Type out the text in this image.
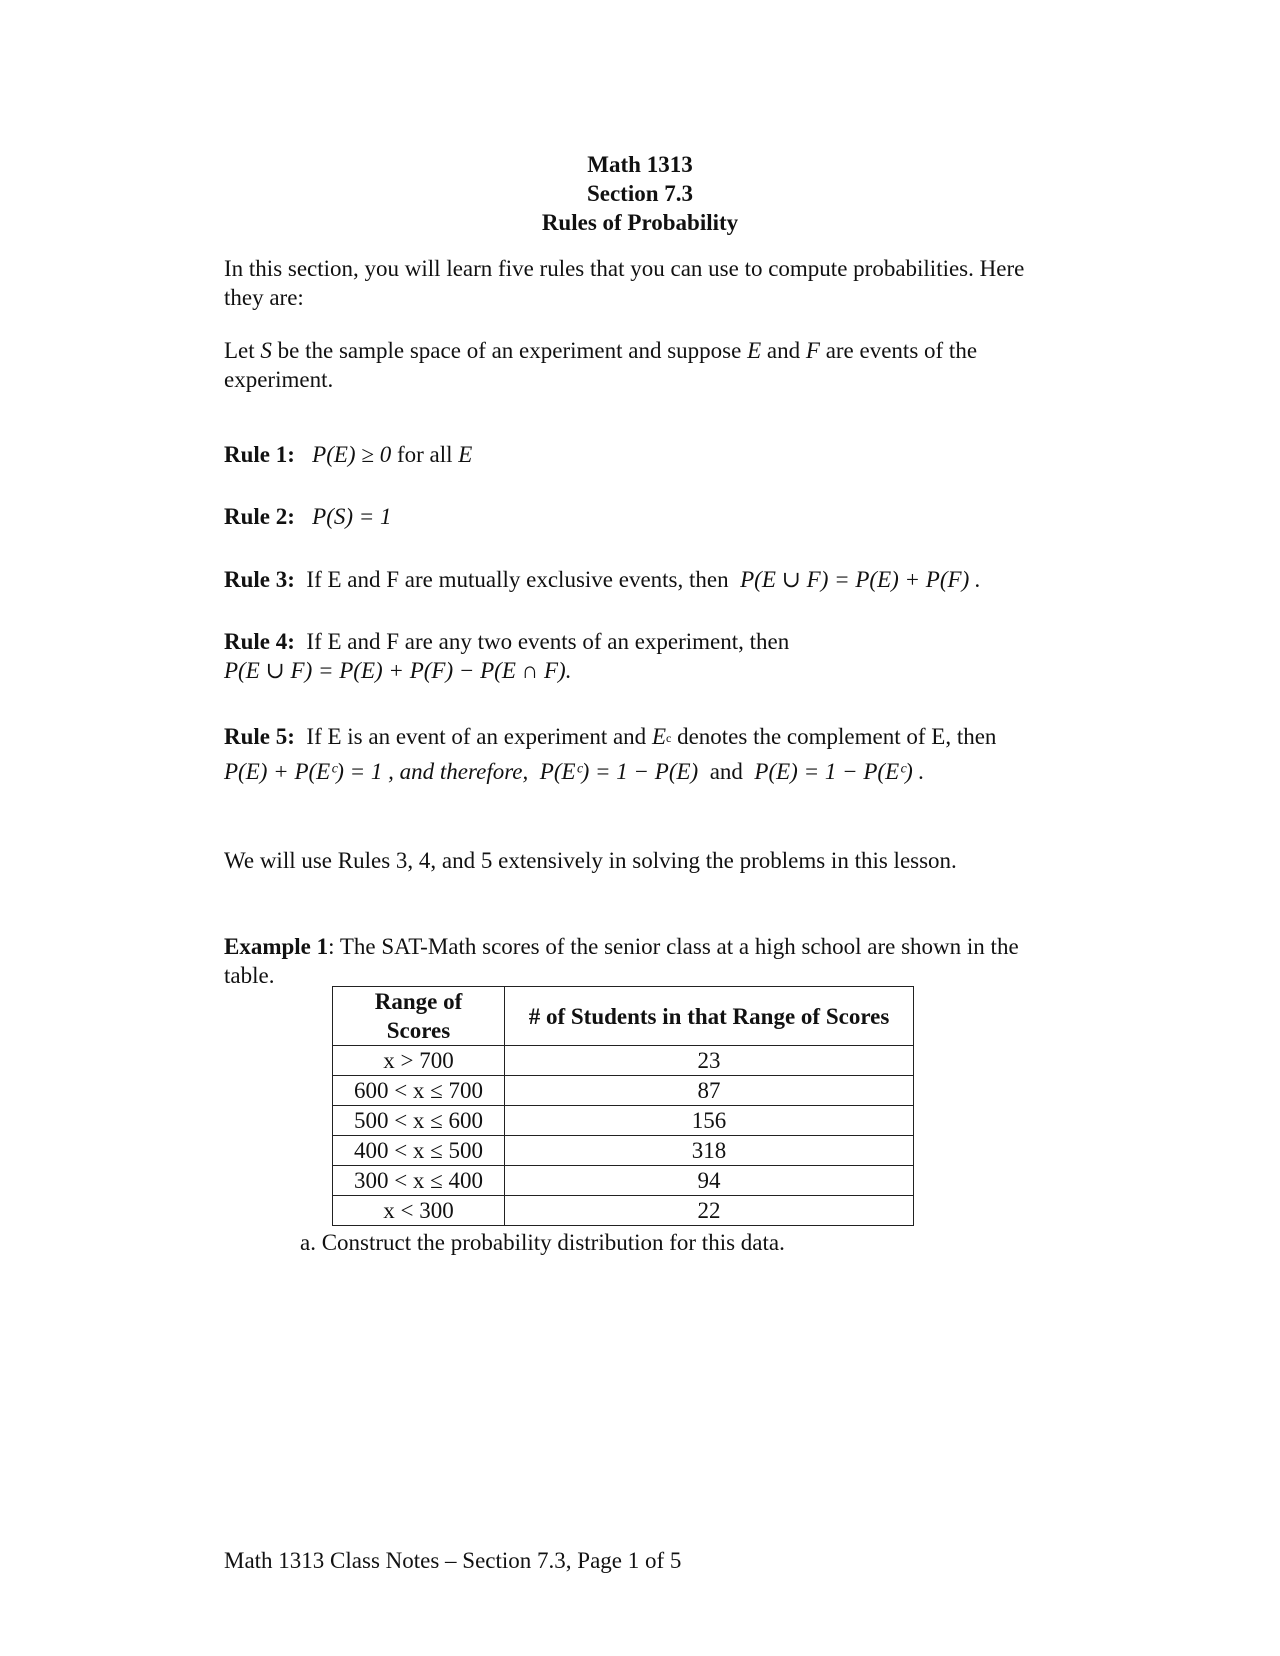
Math 1313
Section 7.3
Rules of Probability
In this section, you will learn five rules that you can use to compute probabilities. Here they are:
Let S be the sample space of an experiment and suppose E and F are events of the experiment.
Rule 1: P(E) ≥ 0 for all E
Rule 2: P(S) = 1
Rule 3: If E and F are mutually exclusive events, then P(E ∪ F) = P(E) + P(F) .
Rule 4: If E and F are any two events of an experiment, then
P(E ∪ F) = P(E) + P(F) − P(E ∩ F).
Rule 5: If E is an event of an experiment and $E^c$ denotes the complement of E, then
P(E) + P(Eᶜ) = 1 , and therefore, P(Eᶜ) = 1 − P(E) and P(E) = 1 − P(Eᶜ) .
We will use Rules 3, 4, and 5 extensively in solving the problems in this lesson.
Example 1: The SAT-Math scores of the senior class at a high school are shown in the table.
Range of Scores	# of Students in that Range of Scores
x > 700	23
600 < x ≤ 700	87
500 < x ≤ 600	156
400 < x ≤ 500	318
300 < x ≤ 400	94
x < 300	22
a. Construct the probability distribution for this data.
Math 1313 Class Notes – Section 7.3, Page 1 of 5
